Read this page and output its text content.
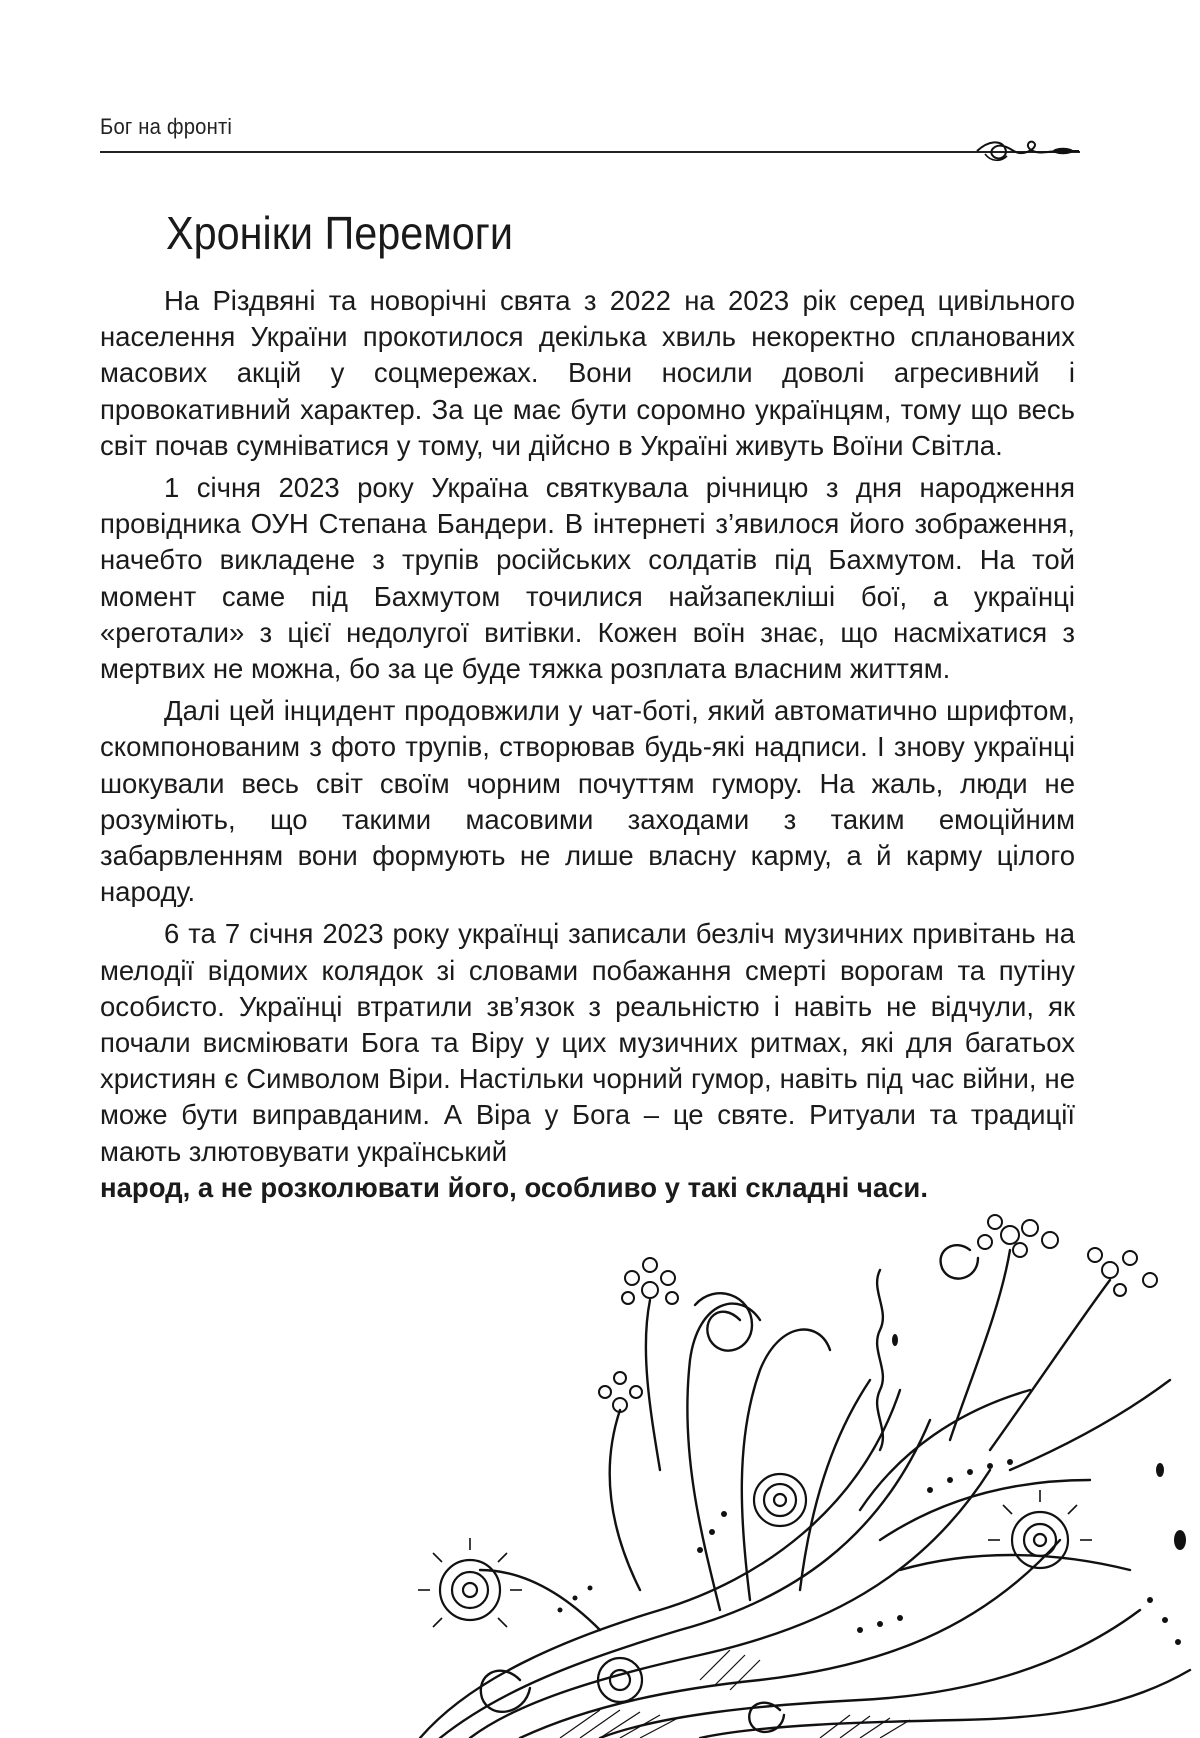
Бог на фронті
Хроніки Перемоги

На Різдвяні та новорічні свята з 2022 на 2023 рік серед цивільного населення України прокотилося декілька хвиль некоректно спланованих масових акцій у соцмережах. Вони носили доволі агресивний і провокативний характер. За це має бути соромно українцям, тому що весь світ почав сумніватися у тому, чи дійсно в Україні живуть Воїни Світла.

1 січня 2023 року Україна святкувала річницю з дня народження провідника ОУН Степана Бандери. В інтернеті з’явилося його зображення, начебто викладене з трупів російських солдатів під Бахмутом. На той момент саме під Бахмутом точилися найзапекліші бої, а українці «реготали» з цієї недолугої витівки. Кожен воїн знає, що насміхатися з мертвих не можна, бо за це буде тяжка розплата власним життям.

Далі цей інцидент продовжили у чат-боті, який автоматично шрифтом, скомпонованим з фото трупів, створював будь-які надписи. І знову українці шокували весь світ своїм чорним почуттям гумору. На жаль, люди не розуміють, що такими масовими заходами з таким емоційним забарвленням вони формують не лише власну карму, а й карму цілого народу.

6 та 7 січня 2023 року українці записали безліч музичних привітань на мелодії відомих колядок зі словами побажання смерті ворогам та путіну особисто. Українці втратили зв’язок з реальністю і навіть не відчули, як почали висміювати Бога та Віру у цих музичних ритмах, які для багатьох християн є Символом Віри. Настільки чорний гумор, навіть під час війни, не може бути виправданим. А Віра у Бога – це святе. Ритуали та традиції мають злютовувати український
народ, а не розколювати його, особливо у такі складні часи.
